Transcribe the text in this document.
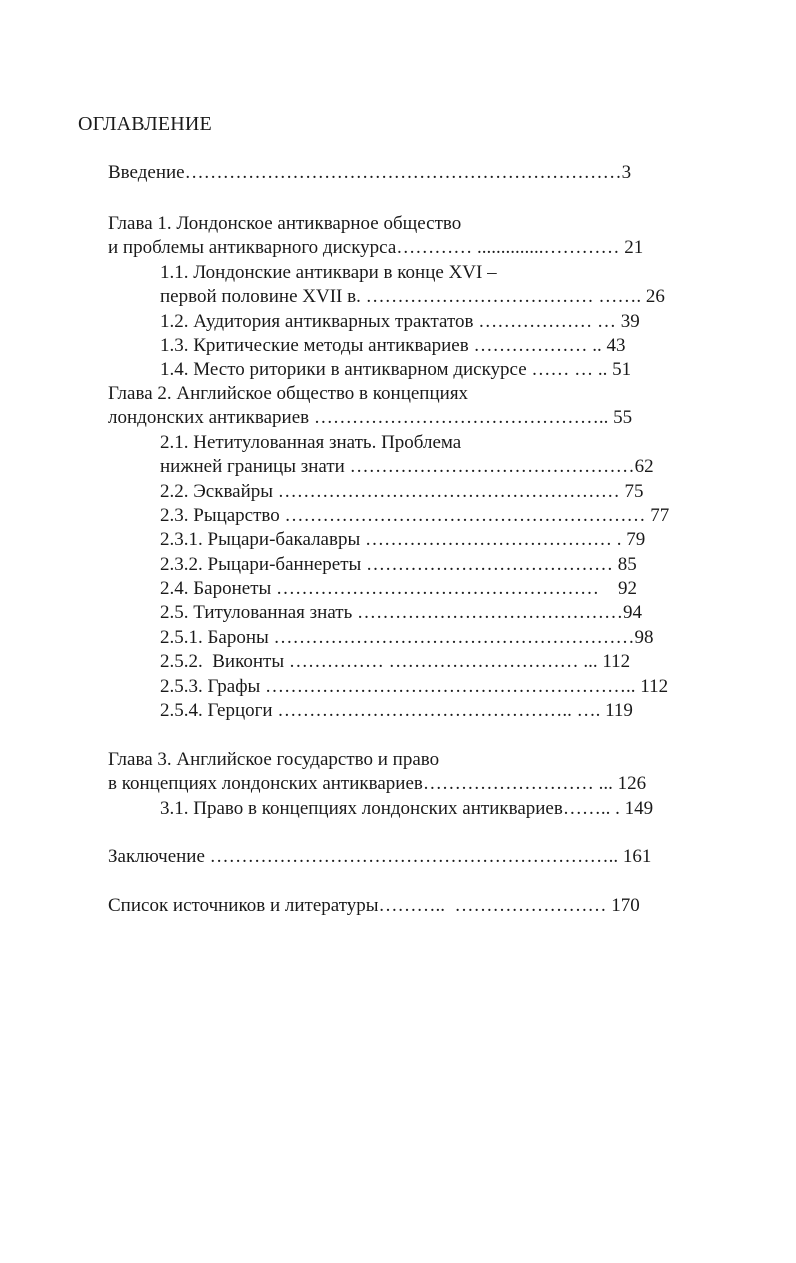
ОГЛАВЛЕНИЕ
Введение……………………………………………………………3
Глава 1. Лондонское антикварное общество
и проблемы антикварного дискурса………… ..............………… 21
1.1. Лондонские антиквари в конце XVI –
первой половине XVII в. ……………………………… ……. 26
1.2. Аудитория антикварных трактатов ……………… … 39
1.3. Критические методы антиквариев ……………… .. 43
1.4. Место риторики в антикварном дискурсе …… … .. 51
Глава 2. Английское общество в концепциях
лондонских антиквариев ……………………………………….. 55
2.1. Нетитулованная знать. Проблема
нижней границы знати ………………………………………62
2.2. Эсквайры ……………………………………………… 75
2.3. Рыцарство ………………………………………………… 77
2.3.1. Рыцари-бакалавры ………………………………… . 79
2.3.2. Рыцари-баннереты ………………………………… 85
2.4. Баронеты ……………………………………………    92
2.5. Титулованная знать ……………………………………94
2.5.1. Бароны …………………………………………………98
2.5.2.  Виконты …………… ………………………… ... 112
2.5.3. Графы ………………………………………………….. 112
2.5.4. Герцоги ……………………………………….. …. 119
Глава 3. Английское государство и право
в концепциях лондонских антиквариев……………………… ... 126
3.1. Право в концепциях лондонских антиквариев…….. . 149
Заключение ……………………………………………………….. 161
Список источников и литературы………..  …………………… 170
